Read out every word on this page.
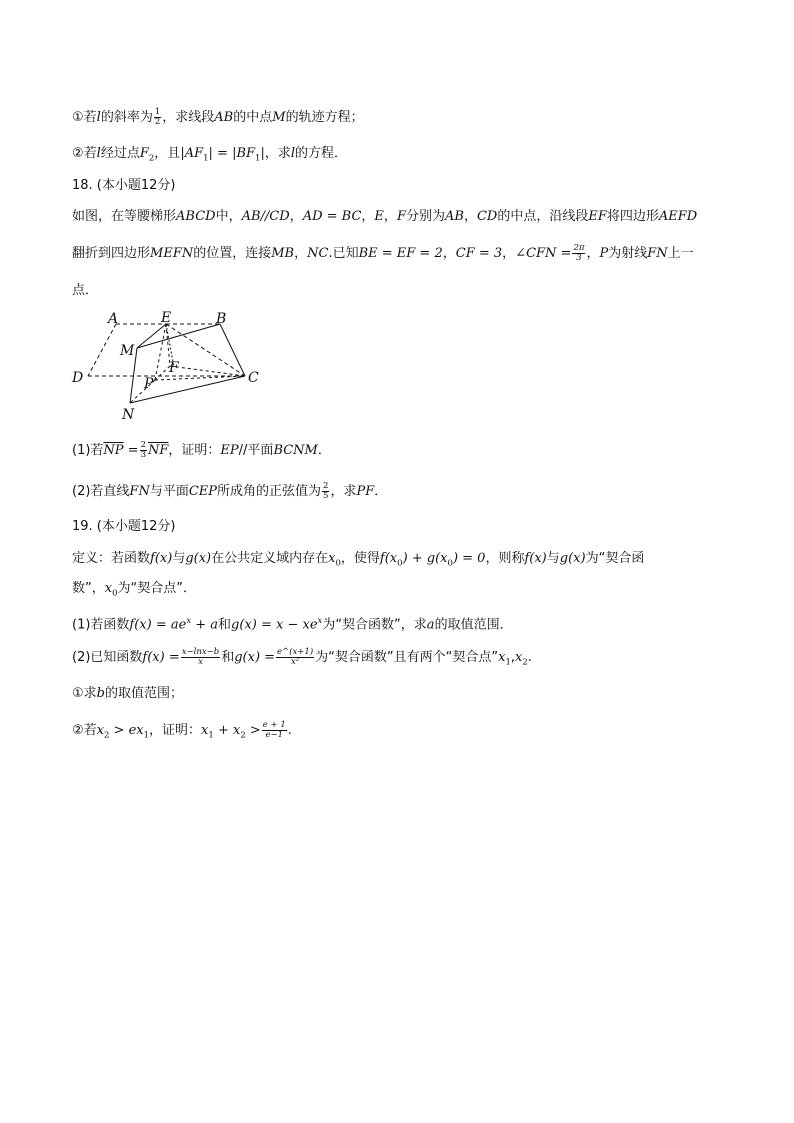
①若l的斜率为 $\frac{1}{2}$ ，求线段AB的中点M的轨迹方程；
②若l经过点$F_2$，且$|AF_1| = |BF_1|$，求l的方程．
18. (本小题12分)
如图，在等腰梯形ABCD中，AB//CD，AD = BC，E，F分别为AB，CD的中点，沿线段EF将四边形AEFD
翻折到四边形MEFN的位置，连接MB，NC.已知BE = EF = 2，CF = 3，∠CFN = $\frac{2\pi}{3}$ ，P为射线FN上一
点．
A	E	B
M
F
P	C
D
N
(1)若$\overline{NP} = \frac{2}{3} \overline{NF}$，证明：EP//平面BCNM．
(2)若直线FN与平面CEP所成角的正弦值为 $\frac{2}{5}$ ，求PF．
19. (本小题12分)
定义：若函数f(x)与g(x)在公共定义域内存在$x_0$，使得$f(x_0) + g(x_0) = 0$，则称f(x)与g(x)为“契合函
数”，$x_0$为“契合点”．
(1)若函数$f(x) = ae^x + a$和$g(x) = x - xe^x$为“契合函数”，求a的取值范围．
(2)已知函数$f(x) = \frac{x-\ln x-b}{x}$ 和$g(x) = \frac{e\^{}(x+1)}{\text{x²}}$ 为“契合函数”且有两个“契合点$”x_1,x_2$.
①求b的取值范围；
②若$x_2 > ex_1$，证明：$x_1 + x_2 > \frac{e + 1}{e-1}$ .
